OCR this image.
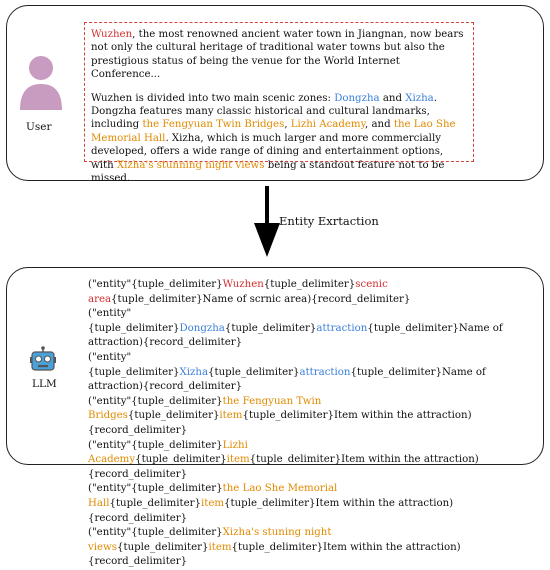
User

Wuzhen, the most renowned ancient water town in Jiangnan, now bears not only the cultural heritage of traditional water towns but also the prestigious status of being the venue for the World Internet Conference...

Wuzhen is divided into two main scenic zones: Dongzha and Xizha. Dongzha features many classic historical and cultural landmarks, including the Fengyuan Twin Bridges, Lizhi Academy, and the Lao She Memorial Hall. Xizha, which is much larger and more commercially developed, offers a wide range of dining and entertainment options, with Xizha's stunning night views being a standout feature not to be missed.

Entity Exrtaction
LLM
("entity"{tuple_delimiter}Wuzhen{tuple_delimiter}scenic area{tuple_delimiter}Name of scrnic area){record_delimiter}
("entity"{tuple_delimiter}Dongzha{tuple_delimiter}attraction{tuple_delimiter}Name of attraction){record_delimiter}
("entity"{tuple_delimiter}Xizha{tuple_delimiter}attraction{tuple_delimiter}Name of attraction){record_delimiter}
("entity"{tuple_delimiter}the Fengyuan Twin Bridges{tuple_delimiter}item{tuple_delimiter}Item within the attraction){record_delimiter}
("entity"{tuple_delimiter}Lizhi Academy{tuple_delimiter}item{tuple_delimiter}Item within the attraction){record_delimiter}
("entity"{tuple_delimiter}the Lao She Memorial Hall{tuple_delimiter}item{tuple_delimiter}Item within the attraction){record_delimiter}
("entity"{tuple_delimiter}Xizha's stuning night views{tuple_delimiter}item{tuple_delimiter}Item within the attraction){record_delimiter}
